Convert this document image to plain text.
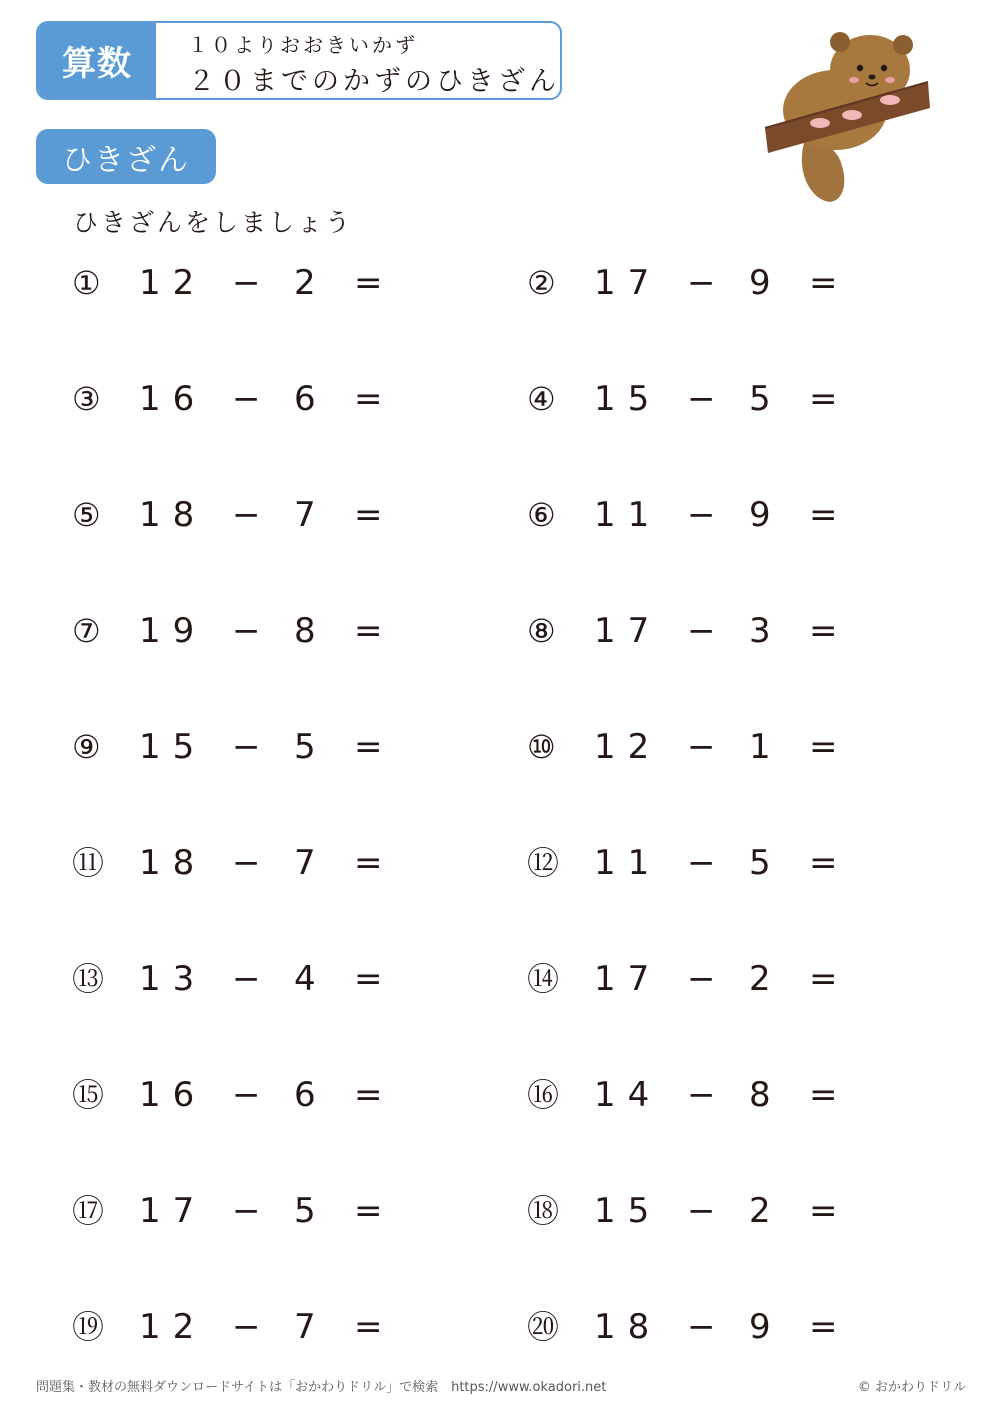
算数	１０よりおおきいかず
２０までのかずのひきざん
ひきざん
ひきざんをしましょう
① 12 − 2 =	② 17 − 9 =
③ 16 − 6 =	④ 15 − 5 =
⑤ 18 − 7 =	⑥ 11 − 9 =
⑦ 19 − 8 =	⑧ 17 − 3 =
⑨ 15 − 5 =	⑩ 12 − 1 =
⑪ 18 − 7 =	⑫ 11 − 5 =
⑬ 13 − 4 =	⑭ 17 − 2 =
⑮ 16 − 6 =	⑯ 14 − 8 =
⑰ 17 − 5 =	⑱ 15 − 2 =
⑲ 12 − 7 =	⑳ 18 − 9 =
問題集・教材の無料ダウンロードサイトは「おかわりドリル」で検索　https://www.okadori.net	© おかわりドリル
